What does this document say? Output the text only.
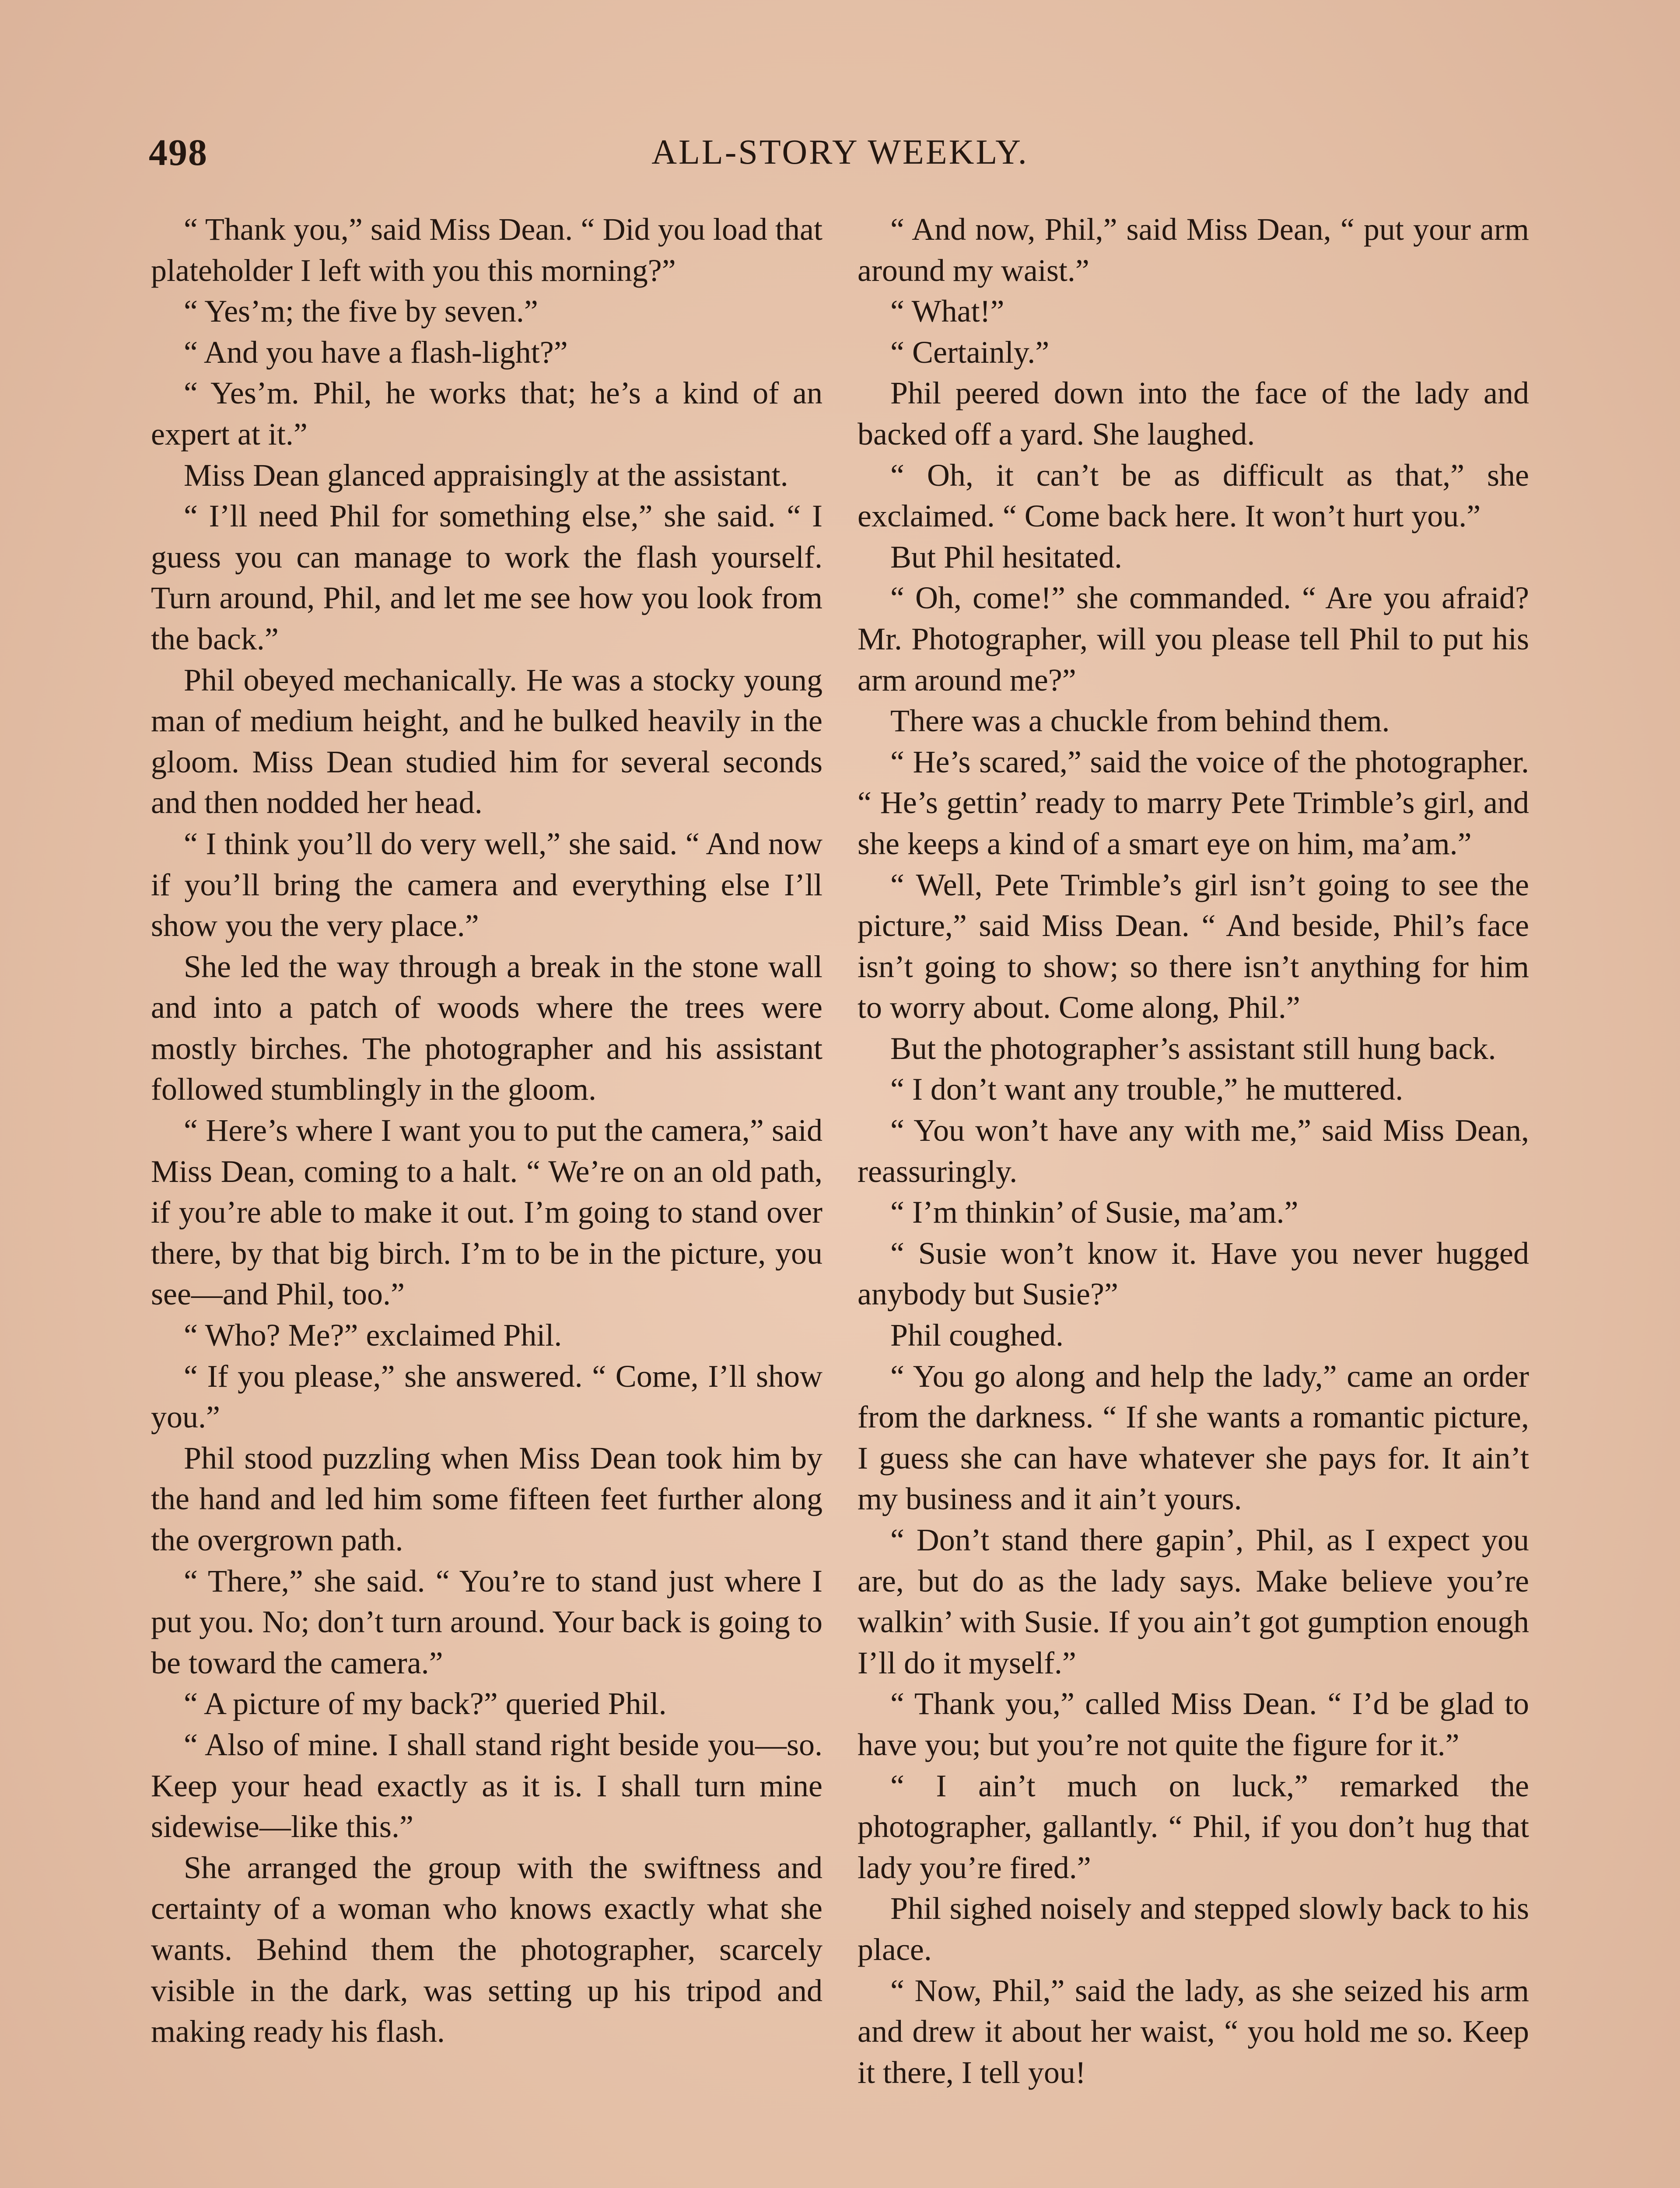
498	ALL-STORY WEEKLY.

“ Thank you,” said Miss Dean. “ Did you load that plateholder I left with you this morning?”

“ Yes’m; the five by seven.”

“ And you have a flash-light?”

“ Yes’m. Phil, he works that; he’s a kind of an expert at it.”

Miss Dean glanced appraisingly at the assistant.

“ I’ll need Phil for something else,” she said. “ I guess you can manage to work the flash yourself. Turn around, Phil, and let me see how you look from the back.”

Phil obeyed mechanically. He was a stocky young man of medium height, and he bulked heavily in the gloom. Miss Dean studied him for several seconds and then nodded her head.

“ I think you’ll do very well,” she said. “ And now if you’ll bring the camera and everything else I’ll show you the very place.”

She led the way through a break in the stone wall and into a patch of woods where the trees were mostly birches. The photographer and his assistant followed stumblingly in the gloom.

“ Here’s where I want you to put the camera,” said Miss Dean, coming to a halt. “ We’re on an old path, if you’re able to make it out. I’m going to stand over there, by that big birch. I’m to be in the picture, you see—and Phil, too.”

“ Who? Me?” exclaimed Phil.

“ If you please,” she answered. “ Come, I’ll show you.”

Phil stood puzzling when Miss Dean took him by the hand and led him some fifteen feet further along the overgrown path.

“ There,” she said. “ You’re to stand just where I put you. No; don’t turn around. Your back is going to be toward the camera.”

“ A picture of my back?” queried Phil.

“ Also of mine. I shall stand right beside you—so. Keep your head exactly as it is. I shall turn mine sidewise—like this.”

She arranged the group with the swiftness and certainty of a woman who knows exactly what she wants. Behind them the photographer, scarcely visible in the dark, was setting up his tripod and making ready his flash.

“ And now, Phil,” said Miss Dean, “ put your arm around my waist.”

“ What!”

“ Certainly.”

Phil peered down into the face of the lady and backed off a yard. She laughed.

“ Oh, it can’t be as difficult as that,” she exclaimed. “ Come back here. It won’t hurt you.”

But Phil hesitated.

“ Oh, come!” she commanded. “ Are you afraid? Mr. Photographer, will you please tell Phil to put his arm around me?”

There was a chuckle from behind them.

“ He’s scared,” said the voice of the photographer. “ He’s gettin’ ready to marry Pete Trimble’s girl, and she keeps a kind of a smart eye on him, ma’am.”

“ Well, Pete Trimble’s girl isn’t going to see the picture,” said Miss Dean. “ And beside, Phil’s face isn’t going to show; so there isn’t anything for him to worry about. Come along, Phil.”

But the photographer’s assistant still hung back.

“ I don’t want any trouble,” he muttered.

“ You won’t have any with me,” said Miss Dean, reassuringly.

“ I’m thinkin’ of Susie, ma’am.”

“ Susie won’t know it. Have you never hugged anybody but Susie?”

Phil coughed.

“ You go along and help the lady,” came an order from the darkness. “ If she wants a romantic picture, I guess she can have whatever she pays for. It ain’t my business and it ain’t yours.

“ Don’t stand there gapin’, Phil, as I expect you are, but do as the lady says. Make believe you’re walkin’ with Susie. If you ain’t got gumption enough I’ll do it myself.”

“ Thank you,” called Miss Dean. “ I’d be glad to have you; but you’re not quite the figure for it.”

“ I ain’t much on luck,” remarked the photographer, gallantly. “ Phil, if you don’t hug that lady you’re fired.”

Phil sighed noisely and stepped slowly back to his place.

“ Now, Phil,” said the lady, as she seized his arm and drew it about her waist, “ you hold me so. Keep it there, I tell you!
